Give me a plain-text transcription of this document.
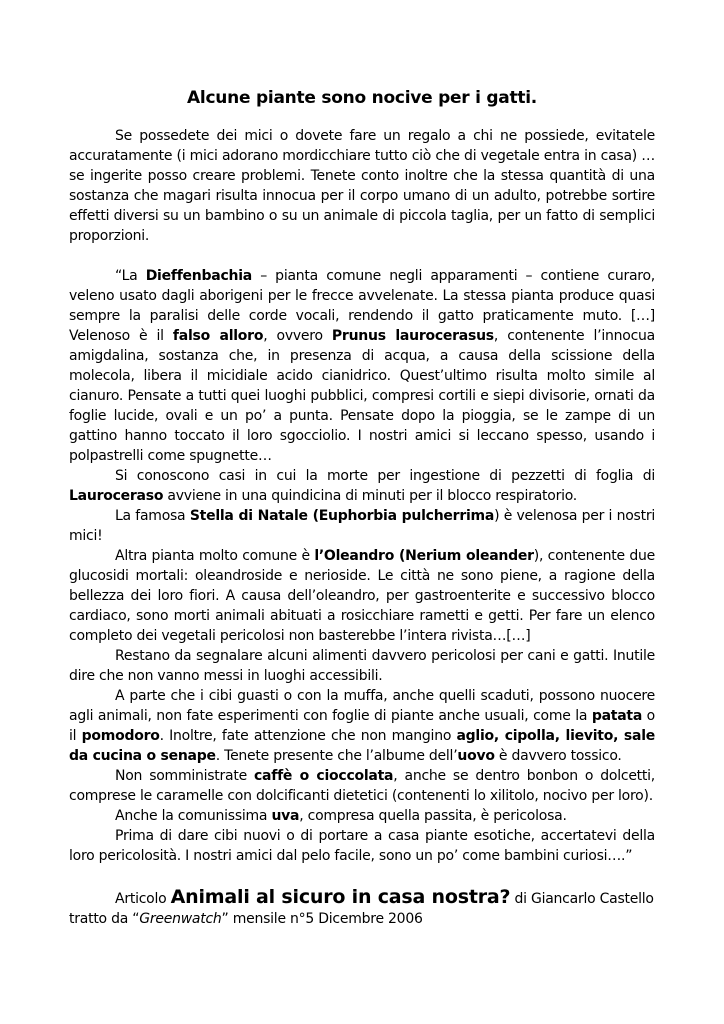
Alcune piante sono nocive per i gatti.

Se possedete dei mici o dovete fare un regalo a chi ne possiede, evitatele accuratamente (i mici adorano mordicchiare tutto ciò che di vegetale entra in casa) …se ingerite posso creare problemi. Tenete conto inoltre che la stessa quantità di una sostanza che magari risulta innocua per il corpo umano di un adulto, potrebbe sortire effetti diversi su un bambino o su un animale di piccola taglia, per un fatto di semplici proporzioni.

“La Dieffenbachia – pianta comune negli apparamenti – contiene curaro, veleno usato dagli aborigeni per le frecce avvelenate. La stessa pianta produce quasi sempre la paralisi delle corde vocali, rendendo il gatto praticamente muto. […] Velenoso è il falso alloro, ovvero Prunus laurocerasus, contenente l’innocua amigdalina, sostanza che, in presenza di acqua, a causa della scissione della molecola, libera il micidiale acido cianidrico. Quest’ultimo risulta molto simile al cianuro. Pensate a tutti quei luoghi pubblici, compresi cortili e siepi divisorie, ornati da foglie lucide, ovali e un po’ a punta. Pensate dopo la pioggia, se le zampe di un gattino hanno toccato il loro sgocciolio. I nostri amici si leccano spesso, usando i polpastrelli come spugnette…

Si conoscono casi in cui la morte per ingestione di pezzetti di foglia di Lauroceraso avviene in una quindicina di minuti per il blocco respiratorio.

La famosa Stella di Natale (Euphorbia pulcherrima) è velenosa per i nostri mici!

Altra pianta molto comune è l’Oleandro (Nerium oleander), contenente due glucosidi mortali: oleandroside e nerioside. Le città ne sono piene, a ragione della bellezza dei loro fiori. A causa dell’oleandro, per gastroenterite e successivo blocco cardiaco, sono morti animali abituati a rosicchiare rametti e getti. Per fare un elenco completo dei vegetali pericolosi non basterebbe l’intera rivista…[…]

Restano da segnalare alcuni alimenti davvero pericolosi per cani e gatti. Inutile dire che non vanno messi in luoghi accessibili.

A parte che i cibi guasti o con la muffa, anche quelli scaduti, possono nuocere agli animali, non fate esperimenti con foglie di piante anche usuali, come la patata o il pomodoro. Inoltre, fate attenzione che non mangino aglio, cipolla, lievito, sale da cucina o senape. Tenete presente che l’albume dell’uovo è davvero tossico.

Non somministrate caffè o cioccolata, anche se dentro bonbon o dolcetti, comprese le caramelle con dolcificanti dietetici (contenenti lo xilitolo, nocivo per loro).

Anche la comunissima uva, compresa quella passita, è pericolosa.

Prima di dare cibi nuovi o di portare a casa piante esotiche, accertatevi della loro pericolosità. I nostri amici dal pelo facile, sono un po’ come bambini curiosi….”

Articolo Animali al sicuro in casa nostra? di Giancarlo Castello
tratto da “Greenwatch” mensile n°5 Dicembre 2006
